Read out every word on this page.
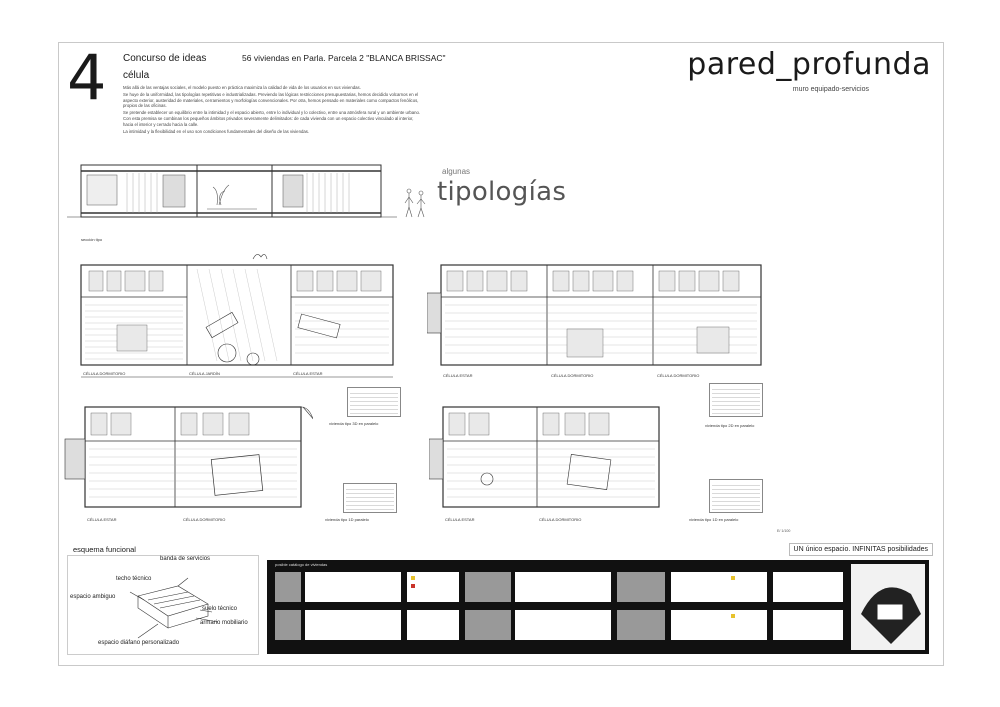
4 Concurso de ideas
célula
56 viviendas en Parla. Parcela 2 "BLANCA BRISSAC"	pared_profunda
muro equipado-servicios

Más allá de las ventajas sociales, el modelo puesto en práctica maximiza la calidad de vida de los usuarios en sus viviendas.

Se huye de la uniformidad, las tipologías repetitivas e industrializadas. Previendo las lógicas restricciones presupuestarias, hemos decidido volcarnos en el aspecto exterior, austeridad de materiales, cerramientos y morfologías convencionales. Por otra, hemos pensado en materiales como compactos fenólicos, propios de las oficinas.

Se pretende establecer un equilibrio entre la intimidad y el espacio abierto, entre lo individual y lo colectivo, entre una atmósfera rural y un ambiente urbano. Con esta premisa se combinan los pequeños ámbitos privados severamente delimitados: de cada vivienda con un espacio colectivo vinculado al interior, hacia el interior y cerrado hacia la calle.

La intimidad y la flexibilidad en el uso son condiciones fundamentales del diseño de las viviendas.

algunas
tipologías
sección tipo
CÉLULA DORMITORIO	CÉLULA JARDÍN	CÉLULA ESTAR
vivienda tipo 3D en paralelo
CÉLULA ESTAR	CÉLULA DORMITORIO	vivienda tipo 1D paralelo
CÉLULA ESTAR	CÉLULA DORMITORIO	CÉLULA DORMITORIO
vivienda tipo 2D en paralelo
CÉLULA ESTAR	CÉLULA DORMITORIO	vivienda tipo 1D en paralelo
E/ 1/100
UN único espacio. INFINITAS posibilidades
esquema funcional
banda de servicios
techo técnico
espacio ambiguo
suelo técnico
armario mobiliario
espacio diáfano personalizado
posible catálogo de viviendas
